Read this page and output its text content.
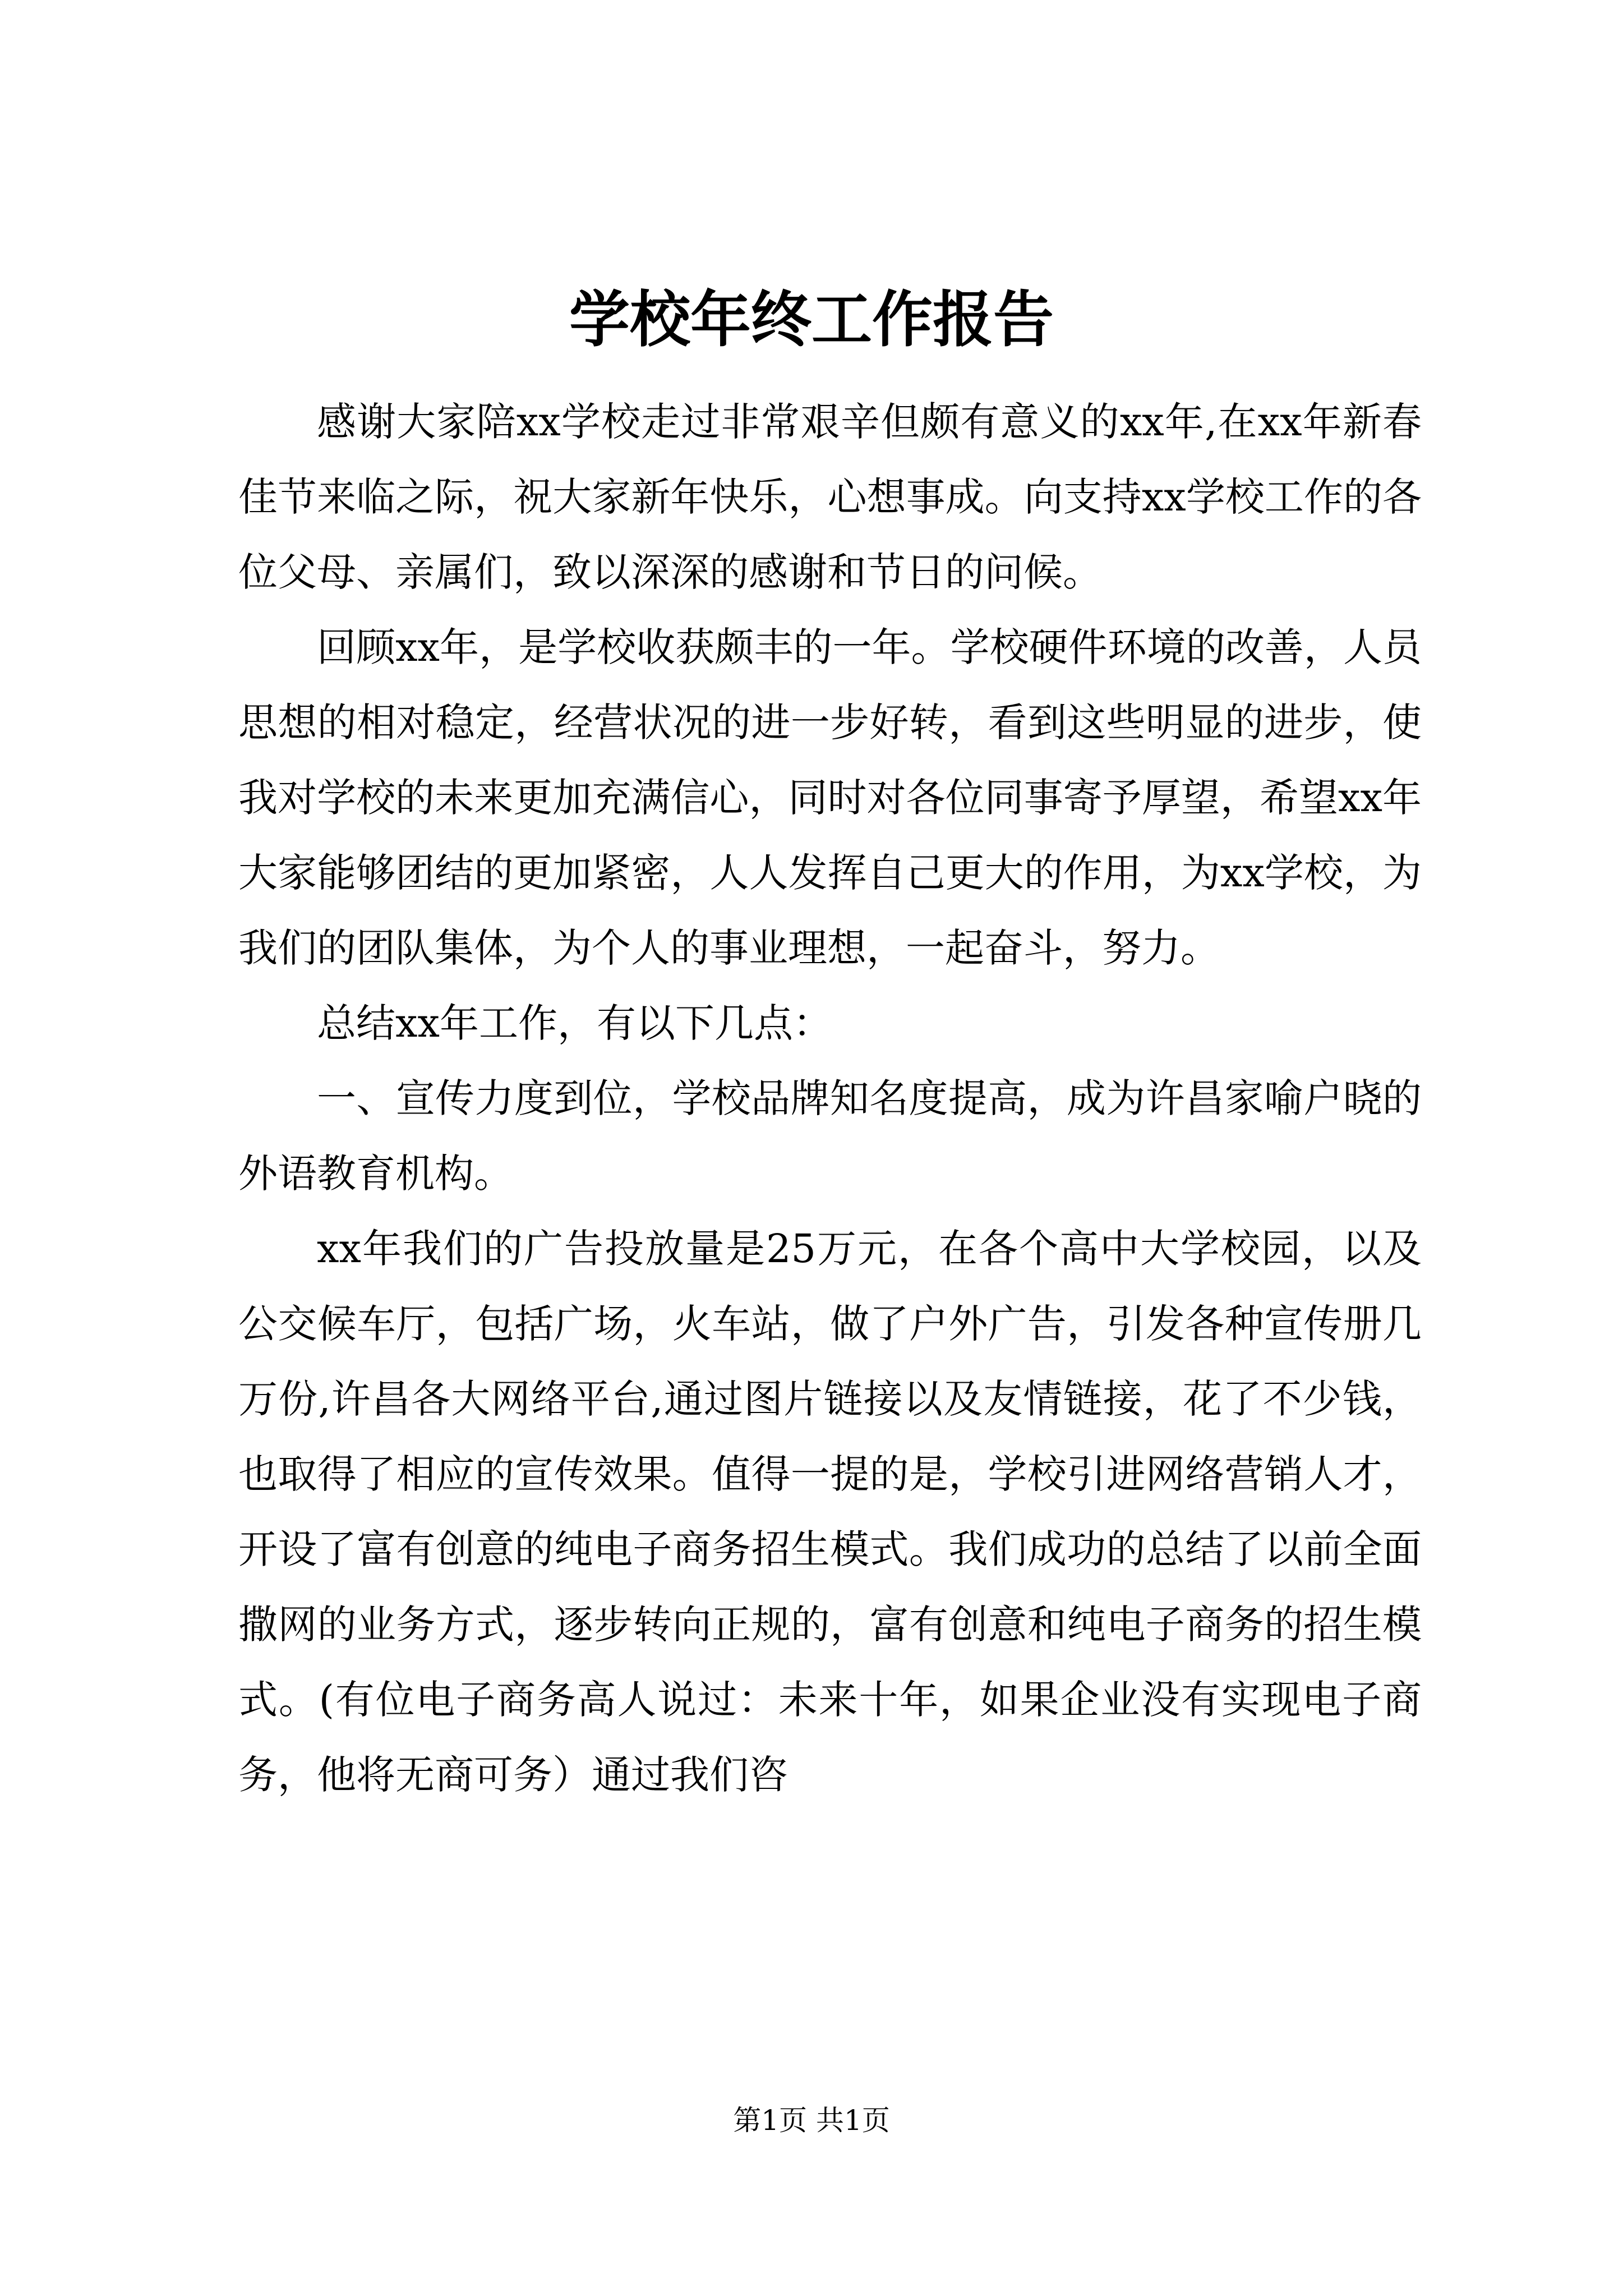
学校年终工作报告

感谢大家陪xx学校走过非常艰辛但颇有意义的xx年,在xx年新春佳节来临之际，祝大家新年快乐，心想事成。向支持xx学校工作的各位父母、亲属们，致以深深的感谢和节日的问候。

回顾xx年，是学校收获颇丰的一年。学校硬件环境的改善，人员思想的相对稳定，经营状况的进一步好转，看到这些明显的进步，使我对学校的未来更加充满信心，同时对各位同事寄予厚望，希望xx年大家能够团结的更加紧密，人人发挥自己更大的作用，为xx学校，为我们的团队集体，为个人的事业理想，一起奋斗，努力。

总结xx年工作，有以下几点：

一、宣传力度到位，学校品牌知名度提高，成为许昌家喻户晓的外语教育机构。

xx年我们的广告投放量是25万元，在各个高中大学校园，以及公交候车厅，包括广场，火车站，做了户外广告，引发各种宣传册几万份,许昌各大网络平台,通过图片链接以及友情链接，花了不少钱，也取得了相应的宣传效果。值得一提的是，学校引进网络营销人才，开设了富有创意的纯电子商务招生模式。我们成功的总结了以前全面撒网的业务方式，逐步转向正规的，富有创意和纯电子商务的招生模式。(有位电子商务高人说过：未来十年，如果企业没有实现电子商务，他将无商可务）通过我们咨

第1页 共1页
